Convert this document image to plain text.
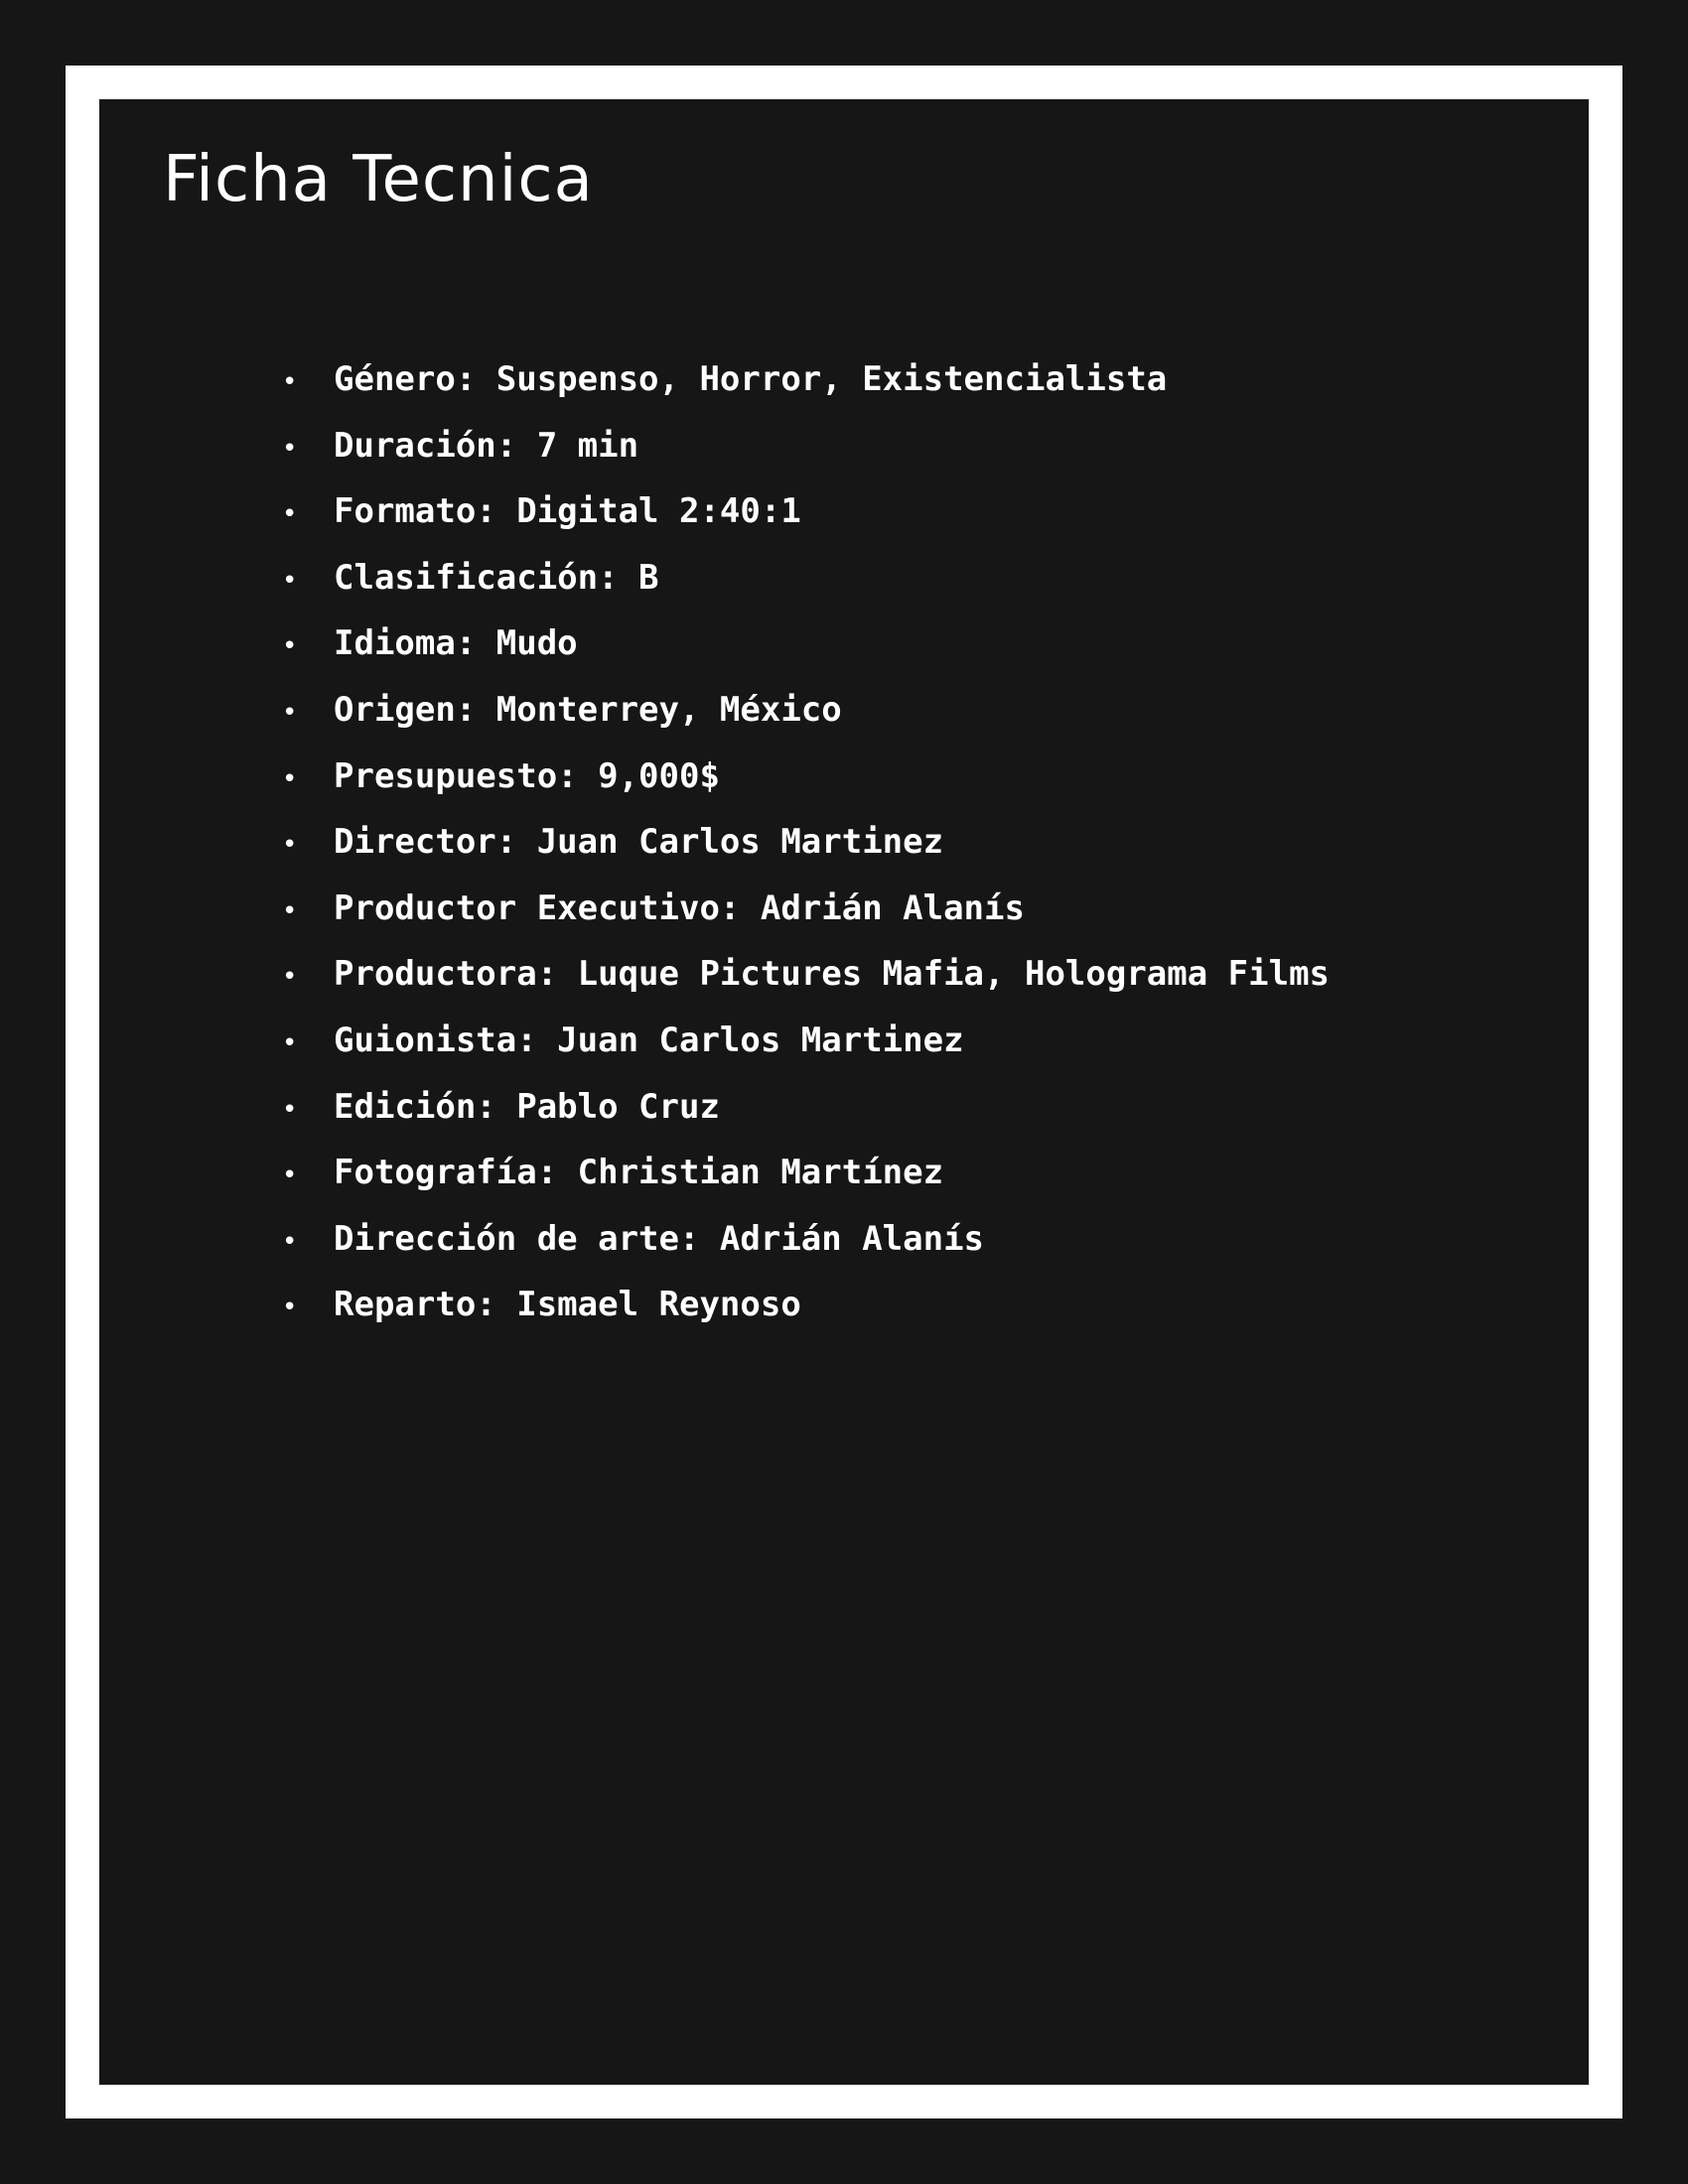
Ficha Tecnica
•	Género: Suspenso, Horror, Existencialista
•	Duración: 7 min
•	Formato: Digital 2:40:1
•	Clasificación: B
•	Idioma: Mudo
•	Origen: Monterrey, México
•	Presupuesto: 9,000$
•	Director: Juan Carlos Martinez
•	Productor Executivo: Adrián Alanís
•	Productora: Luque Pictures Mafia, Holograma Films
•	Guionista: Juan Carlos Martinez
•	Edición: Pablo Cruz
•	Fotografía: Christian Martínez
•	Dirección de arte: Adrián Alanís
•	Reparto: Ismael Reynoso
